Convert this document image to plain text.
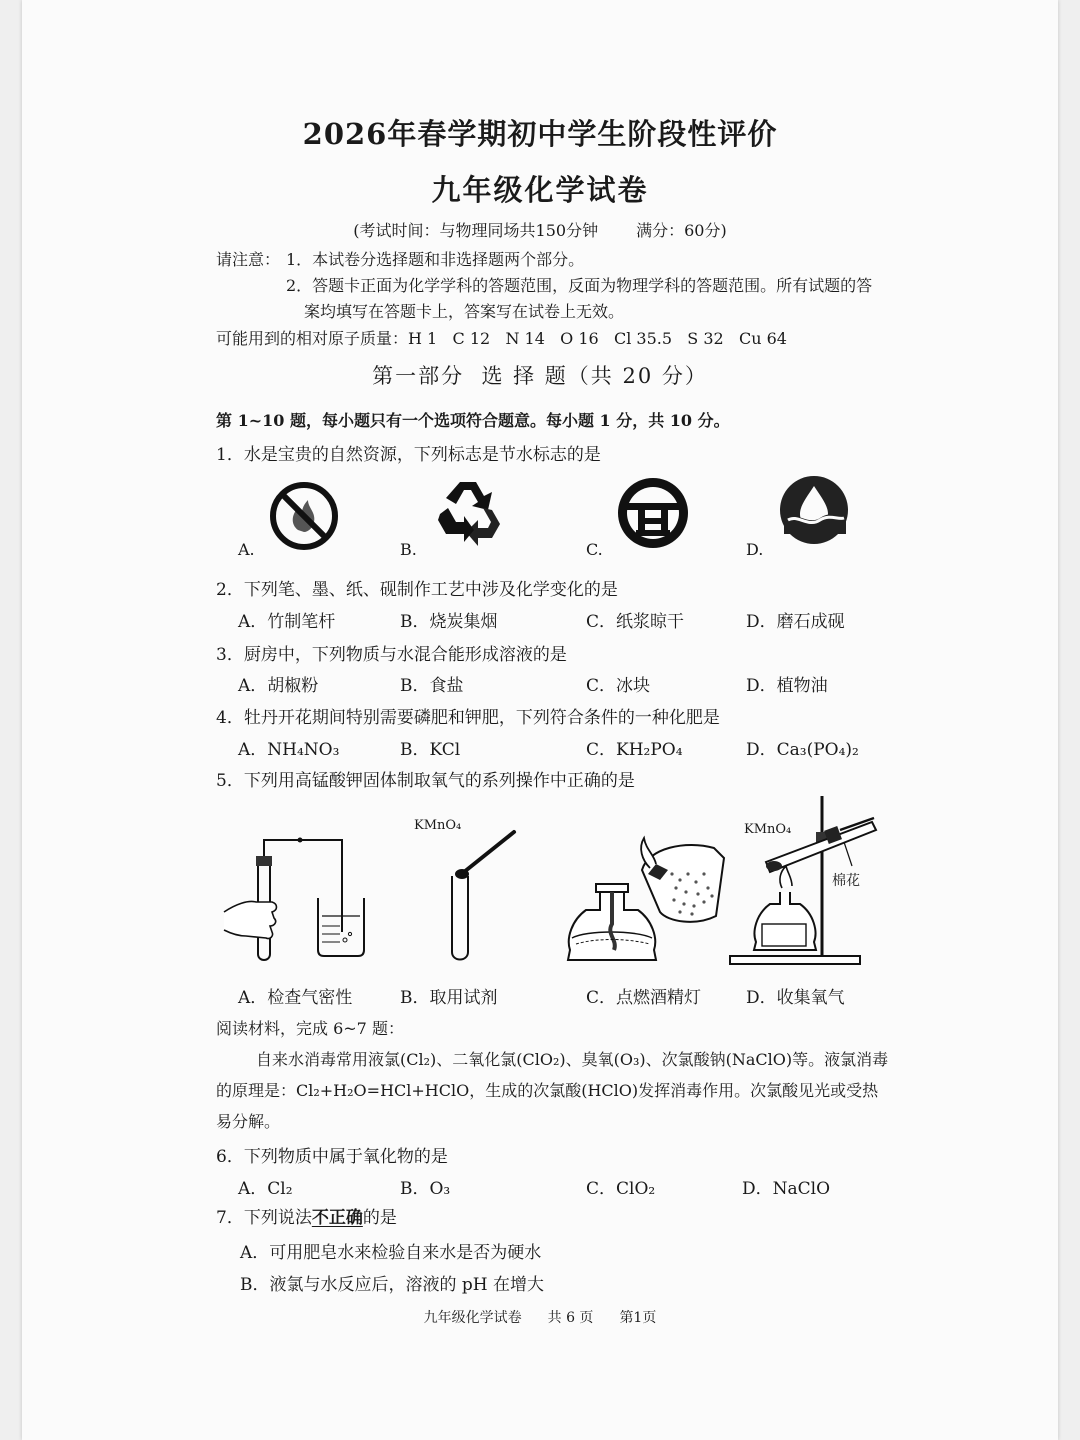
2026年春学期初中学生阶段性评价
九年级化学试卷
(考试时间：与物理同场共150分钟 满分：60分)
请注意： 1．本试卷分选择题和非选择题两个部分。
2．答题卡正面为化学学科的答题范围，反面为物理学科的答题范围。所有试题的答
案均填写在答题卡上，答案写在试卷上无效。
可能用到的相对原子质量：H 1   C 12   N 14   O 16   Cl 35.5   S 32   Cu 64
第一部分  选 择 题（共 20 分）
第 1~10 题，每小题只有一个选项符合题意。每小题 1 分，共 10 分。
1．水是宝贵的自然资源，下列标志是节水标志的是
A.	B.	C.	D.
2．下列笔、墨、纸、砚制作工艺中涉及化学变化的是
A．竹制笔杆	B．烧炭集烟	C．纸浆晾干	D．磨石成砚
3．厨房中，下列物质与水混合能形成溶液的是
A．胡椒粉	B．食盐	C．冰块	D．植物油
4．牡丹开花期间特别需要磷肥和钾肥，下列符合条件的一种化肥是
A．NH₄NO₃	B．KCl	C．KH₂PO₄	D．Ca₃(PO₄)₂
5．下列用高锰酸钾固体制取氧气的系列操作中正确的是
A．检查气密性
KMnO₄
B．取用试剂	C．点燃酒精灯
KMnO₄
棉花
D．收集氧气
阅读材料，完成 6~7 题：
自来水消毒常用液氯(Cl₂)、二氧化氯(ClO₂)、臭氧(O₃)、次氯酸钠(NaClO)等。液氯消毒
的原理是：Cl₂+H₂O=HCl+HClO，生成的次氯酸(HClO)发挥消毒作用。次氯酸见光或受热
易分解。
6．下列物质中属于氧化物的是
A．Cl₂	B．O₃	C．ClO₂	D．NaClO
7．下列说法不正确的是
A．可用肥皂水来检验自来水是否为硬水
B．液氯与水反应后，溶液的 pH 在增大
九年级化学试卷 共 6 页 第1页
